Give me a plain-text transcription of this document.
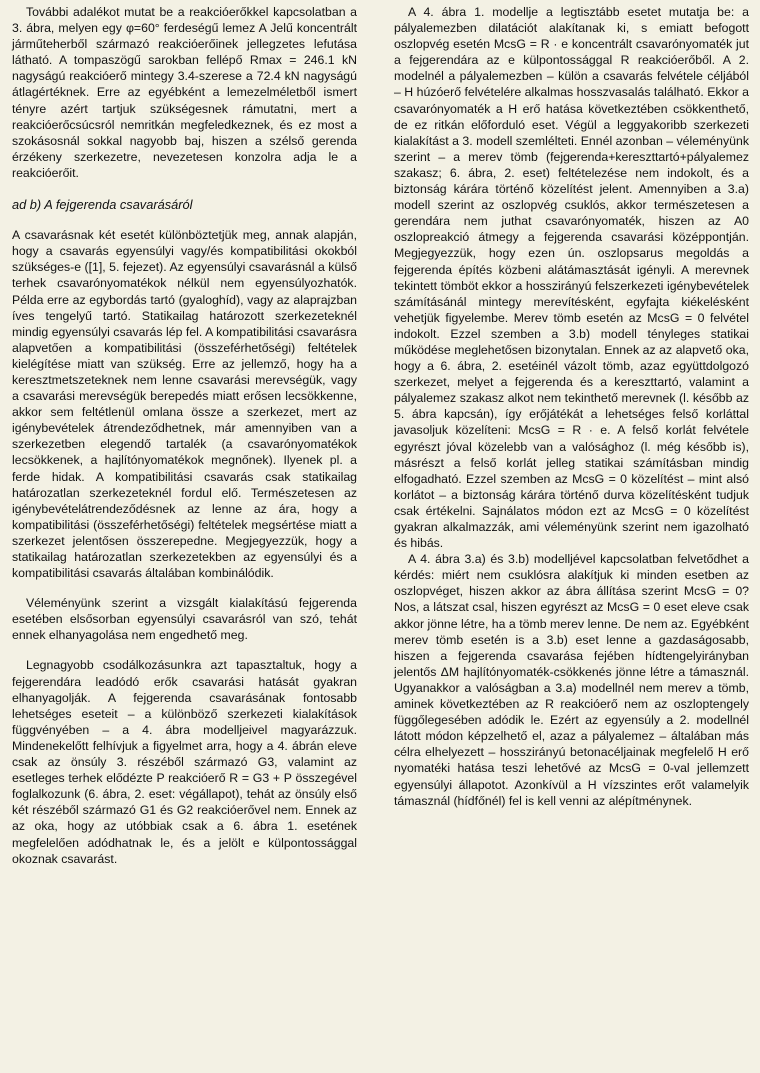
További adalékot mutat be a reakcióerőkkel kapcsolatban a 3. ábra, melyen egy φ=60° ferdeségű lemez A Jelű koncentrált járműteherből származó reakcióerőinek jellegzetes lefutása látható. A tompaszögű sarokban fellépő Rmax = 246.1 kN nagyságú reakcióerő mintegy 3.4-szerese a 72.4 kN nagyságú átlagértéknek. Erre az egyébként a lemezelméletből ismert tényre azért tartjuk szükségesnek rámutatni, mert a reakcióerőcsúcsról nemritkán megfeledkeznek, és ez most a szokásosnál sokkal nagyobb baj, hiszen a szélső gerenda érzékeny szerkezetre, nevezetesen konzolra adja le a reakcióerőit.

ad b) A fejgerenda csavarásáról

A csavarásnak két esetét különböztetjük meg, annak alapján, hogy a csavarás egyensúlyi vagy/és kompatibilitási okokból szükséges-e ([1], 5. fejezet). Az egyensúlyi csavarásnál a külső terhek csavarónyomatékok nélkül nem egyensúlyozhatók. Példa erre az egybordás tartó (gyaloghíd), vagy az alaprajzban íves tengelyű tartó. Statikailag határozott szerkezeteknél mindig egyensúlyi csavarás lép fel. A kompatibilitási csavarásra alapvetően a kompatibilitási (összeférhetőségi) feltételek kielégítése miatt van szükség. Erre az jellemző, hogy ha a keresztmetszeteknek nem lenne csavarási merevségük, vagy a csavarási merevségük berepedés miatt erősen lecsökkenne, akkor sem feltétlenül omlana össze a szerkezet, mert az igénybevételek átrendeződhetnek, már amennyiben van a szerkezetben elegendő tartalék (a csavarónyomatékok lecsökkenek, a hajlítónyomatékok megnőnek). Ilyenek pl. a ferde hidak. A kompatibilitási csavarás csak statikailag határozatlan szerkezeteknél fordul elő. Természetesen az igénybevételátrendeződésnek az lenne az ára, hogy a kompatibilitási (összeférhetőségi) feltételek megsértése miatt a szerkezet jelentősen összerepedne. Megjegyezzük, hogy a statikailag határozatlan szerkezetekben az egyensúlyi és a kompatibilitási csavarás általában kombinálódik.

Véleményünk szerint a vizsgált kialakítású fejgerenda esetében elsősorban egyensúlyi csavarásról van szó, tehát ennek elhanyagolása nem engedhető meg.

Legnagyobb csodálkozásunkra azt tapasztaltuk, hogy a fejgerendára leadódó erők csavarási hatását gyakran elhanyagolják. A fejgerenda csavarásának fontosabb lehetséges eseteit – a különböző szerkezeti kialakítások függvényében – a 4. ábra modelljeivel magyarázzuk. Mindenekelőtt felhívjuk a figyelmet arra, hogy a 4. ábrán eleve csak az önsúly 3. részéből származó G3, valamint az esetleges terhek elődézte P reakcióerő R = G3 + P összegével foglalkozunk (6. ábra, 2. eset: végállapot), tehát az önsúly első két részéből származó G1 és G2 reakcióerővel nem. Ennek az az oka, hogy az utóbbiak csak a 6. ábra 1. esetének megfelelően adódhatnak le, és a jelölt e külpontossággal okoznak csavarást.

A 4. ábra 1. modellje a legtisztább esetet mutatja be: a pályalemezben dilatációt alakítanak ki, s emiatt befogott oszlopvég esetén McsG = R · e koncentrált csavarónyomaték jut a fejgerendára az e külpontossággal R reakcióerőből. A 2. modelnél a pályalemezben – külön a csavarás felvétele céljából – H húzóerő felvételére alkalmas hosszvasalás található. Ekkor a csavarónyomaték a H erő hatása következtében csökkenthető, de ez ritkán előforduló eset. Végül a leggyakoribb szerkezeti kialakítást a 3. modell szemlélteti. Ennél azonban – véleményünk szerint – a merev tömb (fejgerenda+kereszttartó+pályalemez szakasz; 6. ábra, 2. eset) feltételezése nem indokolt, és a biztonság kárára történő közelítést jelent. Amennyiben a 3.a) modell szerint az oszlopvég csuklós, akkor természetesen a gerendára nem juthat csavarónyomaték, hiszen az A0 oszlopreakció átmegy a fejgerenda csavarási középpontján. Megjegyezzük, hogy ezen ún. oszlopsarus megoldás a fejgerenda építés közbeni alátámasztását igényli. A merevnek tekintett tömböt ekkor a hosszirányú felszerkezeti igénybevételek számításánál mintegy merevítésként, egyfajta kiékelésként vehetjük figyelembe. Merev tömb esetén az McsG = 0 felvétel indokolt. Ezzel szemben a 3.b) modell tényleges statikai működése meglehetősen bizonytalan. Ennek az az alapvető oka, hogy a 6. ábra, 2. esetéinél vázolt tömb, azaz együttdolgozó szerkezet, melyet a fejgerenda és a kereszttartó, valamint a pályalemez szakasz alkot nem tekinthető merevnek (l. később az 5. ábra kapcsán), így erőjátékát a lehetséges felső korláttal javasoljuk közelíteni: McsG = R · e. A felső korlát felvétele egyrészt jóval közelebb van a valósághoz (l. még később is), másrészt a felső korlát jelleg statikai számításban mindig elfogadható. Ezzel szemben az McsG = 0 közelítést – mint alsó korlátot – a biztonság kárára történő durva közelítésként tudjuk csak értékelni. Sajnálatos módon ezt az McsG = 0 közelítést gyakran alkalmazzák, ami véleményünk szerint nem igazolható és hibás.

A 4. ábra 3.a) és 3.b) modelljével kapcsolatban felvetődhet a kérdés: miért nem csuklósra alakítjuk ki minden esetben az oszlopvéget, hiszen akkor az ábra állítása szerint McsG = 0? Nos, a látszat csal, hiszen egyrészt az McsG = 0 eset eleve csak akkor jönne létre, ha a tömb merev lenne. De nem az. Egyébként merev tömb esetén is a 3.b) eset lenne a gazdaságosabb, hiszen a fejgerenda csavarása fejében hídtengelyirányban jelentős ΔM hajlítónyomaték-csökkenés jönne létre a támasznál. Ugyanakkor a valóságban a 3.a) modellnél nem merev a tömb, aminek következtében az R reakcióerő nem az oszloptengely függőlegesében adódik le. Ezért az egyensúly a 2. modellnél látott módon képzelhető el, azaz a pályalemez – általában más célra elhelyezett – hosszirányú betonacéljainak megfelelő H erő nyomatéki hatása teszi lehetővé az McsG = 0-val jellemzett egyensúlyi állapotot. Azonkívül a H vízszintes erőt valamelyik támasznál (hídfőnél) fel is kell venni az alépítménynek.
